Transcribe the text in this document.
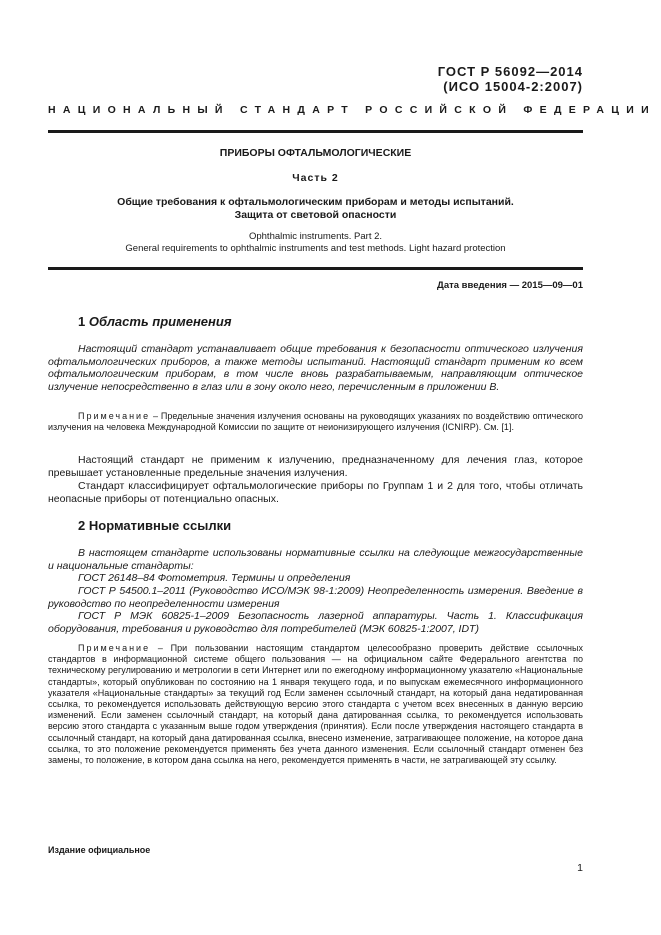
ГОСТ Р 56092—2014
(ИСО 15004-2:2007)
НАЦИОНАЛЬНЫЙ СТАНДАРТ РОССИЙСКОЙ ФЕДЕРАЦИИ
ПРИБОРЫ ОФТАЛЬМОЛОГИЧЕСКИЕ
Часть 2
Общие требования к офтальмологическим приборам и методы испытаний.
Защита от световой опасности
Ophthalmic instruments. Part 2.
General requirements to ophthalmic instruments and test methods. Light hazard protection
Дата введения — 2015—09—01
1 Область применения
Настоящий стандарт устанавливает общие требования к безопасности оптического излучения офтальмологических приборов, а также методы испытаний. Настоящий стандарт применим ко всем офтальмологическим приборам, в том числе вновь разрабатываемым, направляющим оптическое излучение непосредственно в глаз или в зону около него, перечисленным в приложении В.
Примечание – Предельные значения излучения основаны на руководящих указаниях по воздействию оптического излучения на человека Международной Комиссии по защите от неионизирующего излучения (ICNIRP). См. [1].
Настоящий стандарт не применим к излучению, предназначенному для лечения глаз, которое превышает установленные предельные значения излучения.
Стандарт классифицирует офтальмологические приборы по Группам 1 и 2 для того, чтобы отличать неопасные приборы от потенциально опасных.
2 Нормативные ссылки
В настоящем стандарте использованы нормативные ссылки на следующие межгосударственные и национальные стандарты:
ГОСТ 26148–84 Фотометрия. Термины и определения
ГОСТ Р 54500.1–2011 (Руководство ИСО/МЭК 98-1:2009) Неопределенность измерения. Введение в руководство по неопределенности измерения
ГОСТ Р МЭК 60825-1–2009 Безопасность лазерной аппаратуры. Часть 1. Классификация оборудования, требования и руководство для потребителей (МЭК 60825-1:2007, IDT)
Примечание – При пользовании настоящим стандартом целесообразно проверить действие ссылочных стандартов в информационной системе общего пользования — на официальном сайте Федерального агентства по техническому регулированию и метрологии в сети Интернет или по ежегодному информационному указателю «Национальные стандарты», который опубликован по состоянию на 1 января текущего года, и по выпускам ежемесячного информационного указателя «Национальные стандарты» за текущий год Если заменен ссылочный стандарт, на который дана недатированная ссылка, то рекомендуется использовать действующую версию этого стандарта с учетом всех внесенных в данную версию изменений. Если заменен ссылочный стандарт, на который дана датированная ссылка, то рекомендуется использовать версию этого стандарта с указанным выше годом утверждения (принятия). Если после утверждения настоящего стандарта в ссылочный стандарт, на который дана датированная ссылка, внесено изменение, затрагивающее положение, на которое дана ссылка, то это положение рекомендуется применять без учета данного изменения. Если ссылочный стандарт отменен без замены, то положение, в котором дана ссылка на него, рекомендуется применять в части, не затрагивающей эту ссылку.
Издание официальное
1
